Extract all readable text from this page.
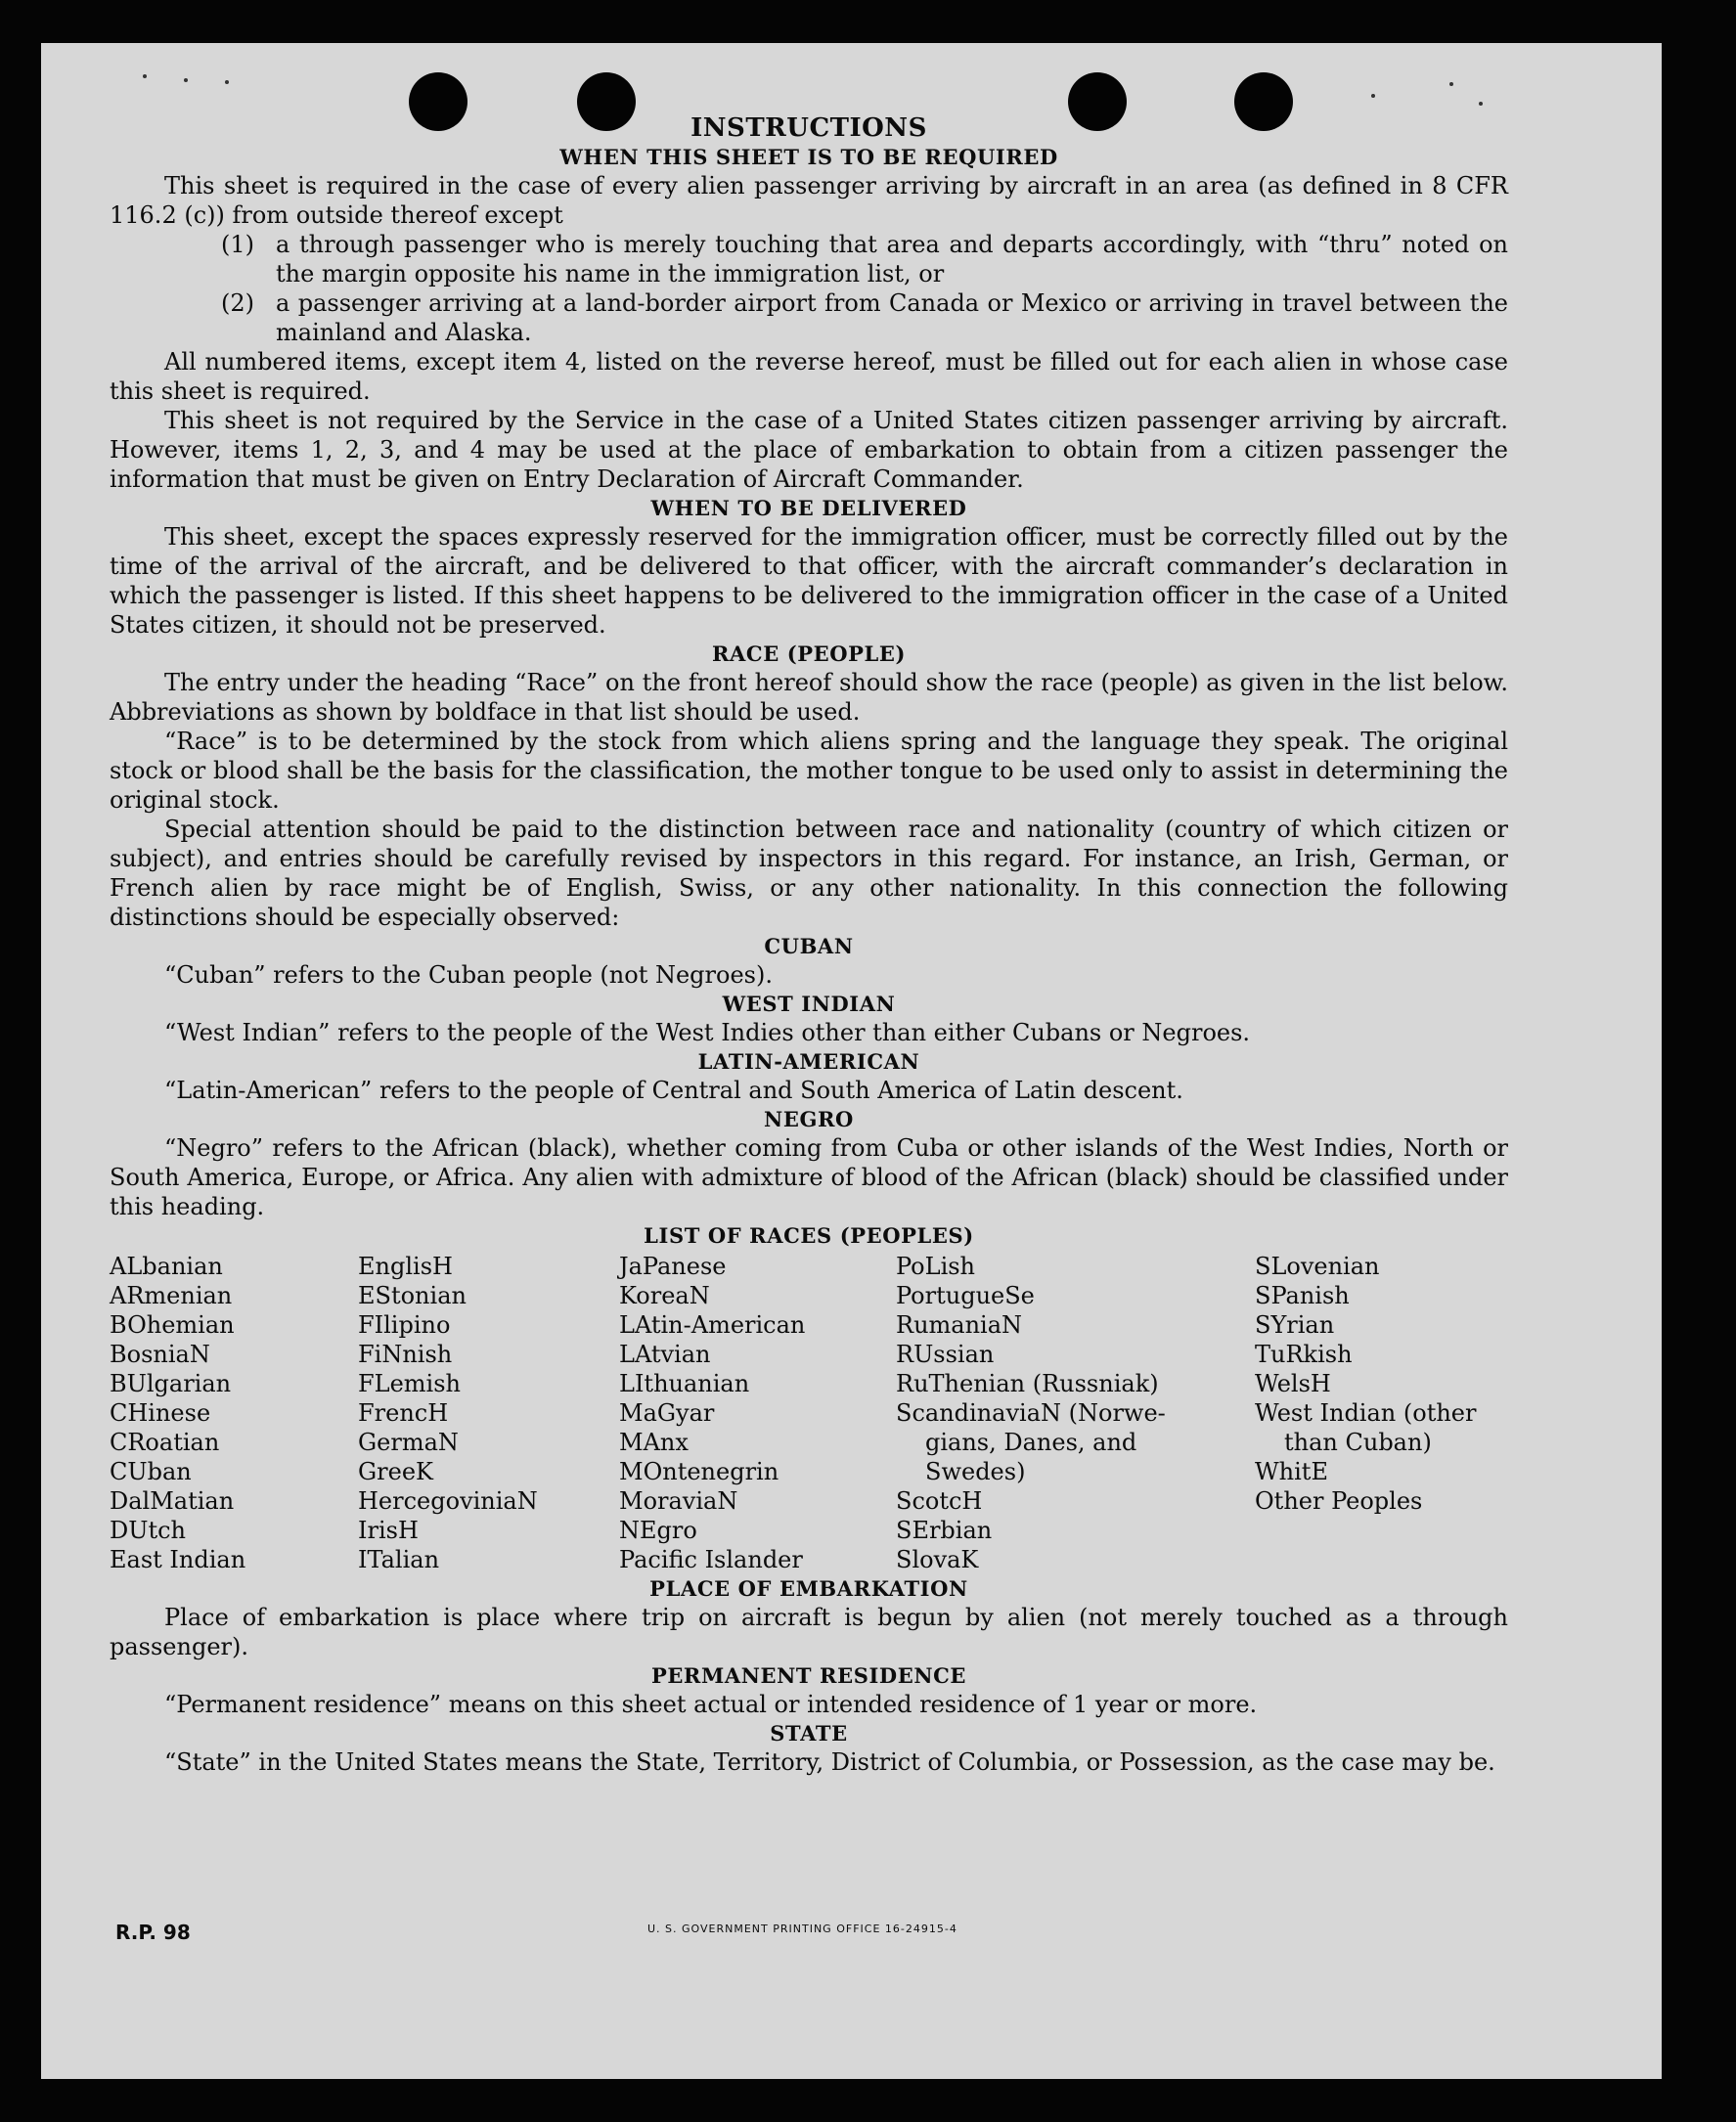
INSTRUCTIONS
WHEN THIS SHEET IS TO BE REQUIRED

This sheet is required in the case of every alien passenger arriving by aircraft in an area (as defined in 8 CFR 116.2 (c)) from outside thereof except

(1) a through passenger who is merely touching that area and departs accordingly, with “thru” noted on the margin opposite his name in the immigration list, or
(2) a passenger arriving at a land-border airport from Canada or Mexico or arriving in travel between the mainland and Alaska.

All numbered items, except item 4, listed on the reverse hereof, must be filled out for each alien in whose case this sheet is required.

This sheet is not required by the Service in the case of a United States citizen passenger arriving by aircraft. However, items 1, 2, 3, and 4 may be used at the place of embarkation to obtain from a citizen passenger the information that must be given on Entry Declaration of Aircraft Commander.

WHEN TO BE DELIVERED

This sheet, except the spaces expressly reserved for the immigration officer, must be correctly filled out by the time of the arrival of the aircraft, and be delivered to that officer, with the aircraft commander’s declaration in which the passenger is listed. If this sheet happens to be delivered to the immigration officer in the case of a United States citizen, it should not be preserved.

RACE (PEOPLE)

The entry under the heading “Race” on the front hereof should show the race (people) as given in the list below. Abbreviations as shown by boldface in that list should be used.

“Race” is to be determined by the stock from which aliens spring and the language they speak. The original stock or blood shall be the basis for the classification, the mother tongue to be used only to assist in determining the original stock.

Special attention should be paid to the distinction between race and nationality (country of which citizen or subject), and entries should be carefully revised by inspectors in this regard. For instance, an Irish, German, or French alien by race might be of English, Swiss, or any other nationality. In this connection the following distinctions should be especially observed:

CUBAN

“Cuban” refers to the Cuban people (not Negroes).

WEST INDIAN

“West Indian” refers to the people of the West Indies other than either Cubans or Negroes.

LATIN-AMERICAN

“Latin-American” refers to the people of Central and South America of Latin descent.

NEGRO

“Negro” refers to the African (black), whether coming from Cuba or other islands of the West Indies, North or South America, Europe, or Africa. Any alien with admixture of blood of the African (black) should be classified under this heading.

LIST OF RACES (PEOPLES)
ALbanian
ARmenian
BOhemian
BosniaN
BUlgarian
CHinese
CRoatian
CUban
DalMatian
DUtch
East Indian
EnglisH
EStonian
FIlipino
FiNnish
FLemish
FrencH
GermaN
GreeK
HercegoviniaN
IrisH
ITalian
JaPanese
KoreaN
LAtin-American
LAtvian
LIthuanian
MaGyar
MAnx
MOntenegrin
MoraviaN
NEgro
Pacific Islander
PoLish
PortugueSe
RumaniaN
RUssian
RuThenian (Russniak)
ScandinaviaN (Norwe-
gians, Danes, and
Swedes)
ScotcH
SErbian
SlovaK
SLovenian
SPanish
SYrian
TuRkish
WelsH
West Indian (other
than Cuban)
WhitE
Other Peoples
PLACE OF EMBARKATION

Place of embarkation is place where trip on aircraft is begun by alien (not merely touched as a through passenger).

PERMANENT RESIDENCE

“Permanent residence” means on this sheet actual or intended residence of 1 year or more.

STATE

“State” in the United States means the State, Territory, District of Columbia, or Possession, as the case may be.

R.P. 98	U. S. GOVERNMENT PRINTING OFFICE 16-24915-4
